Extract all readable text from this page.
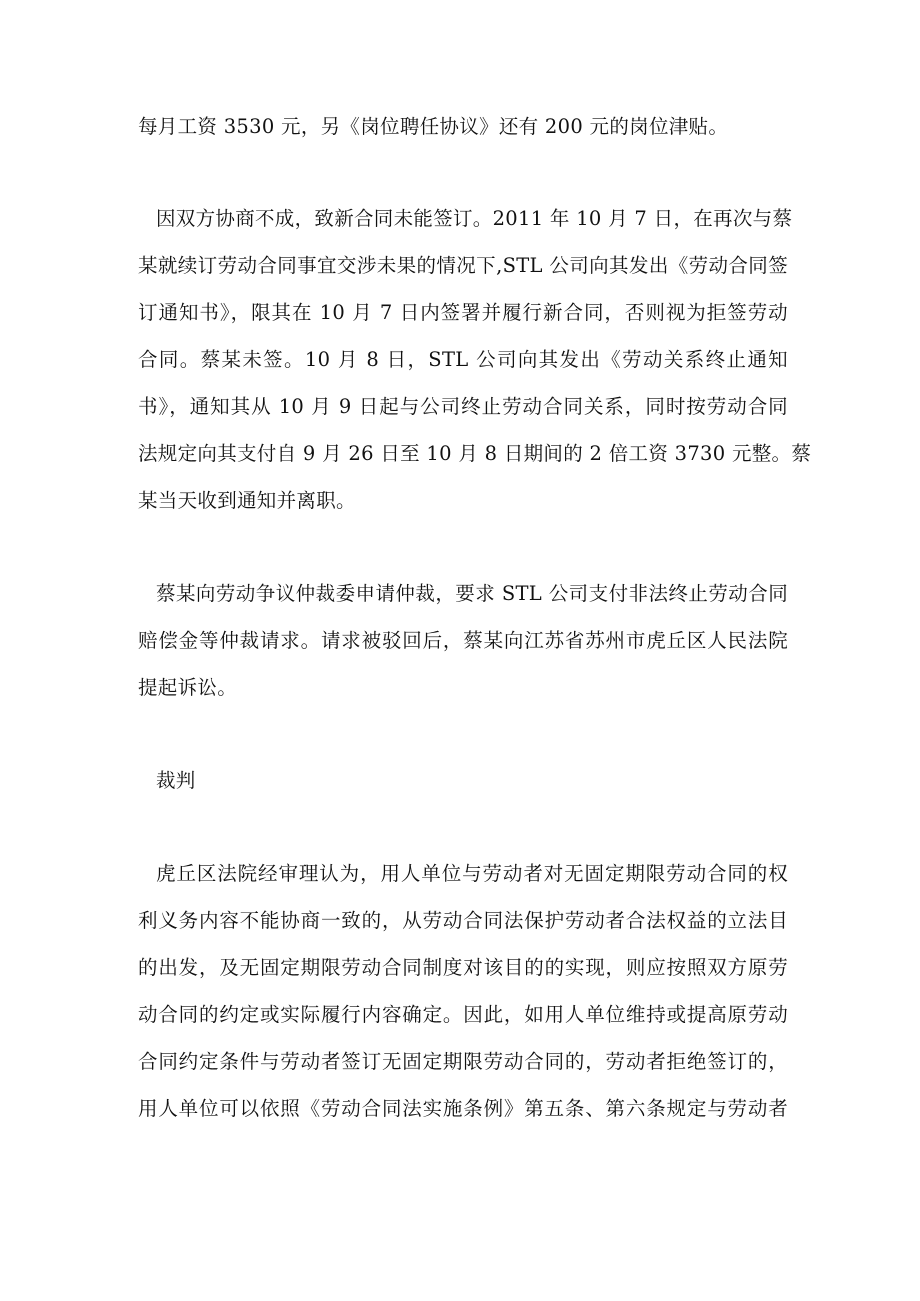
每月工资 3530 元，另《岗位聘任协议》还有 200 元的岗位津贴。
因双方协商不成，致新合同未能签订。2011 年 10 月 7 日，在再次与蔡
某就续订劳动合同事宜交涉未果的情况下,STL 公司向其发出《劳动合同签
订通知书》，限其在 10 月 7 日内签署并履行新合同，否则视为拒签劳动
合同。蔡某未签。10 月 8 日，STL 公司向其发出《劳动关系终止通知
书》，通知其从 10 月 9 日起与公司终止劳动合同关系，同时按劳动合同
法规定向其支付自 9 月 26 日至 10 月 8 日期间的 2 倍工资 3730 元整。蔡
某当天收到通知并离职。
蔡某向劳动争议仲裁委申请仲裁，要求 STL 公司支付非法终止劳动合同
赔偿金等仲裁请求。请求被驳回后，蔡某向江苏省苏州市虎丘区人民法院
提起诉讼。
裁判
虎丘区法院经审理认为，用人单位与劳动者对无固定期限劳动合同的权
利义务内容不能协商一致的，从劳动合同法保护劳动者合法权益的立法目
的出发，及无固定期限劳动合同制度对该目的的实现，则应按照双方原劳
动合同的约定或实际履行内容确定。因此，如用人单位维持或提高原劳动
合同约定条件与劳动者签订无固定期限劳动合同的，劳动者拒绝签订的，
用人单位可以依照《劳动合同法实施条例》第五条、第六条规定与劳动者
